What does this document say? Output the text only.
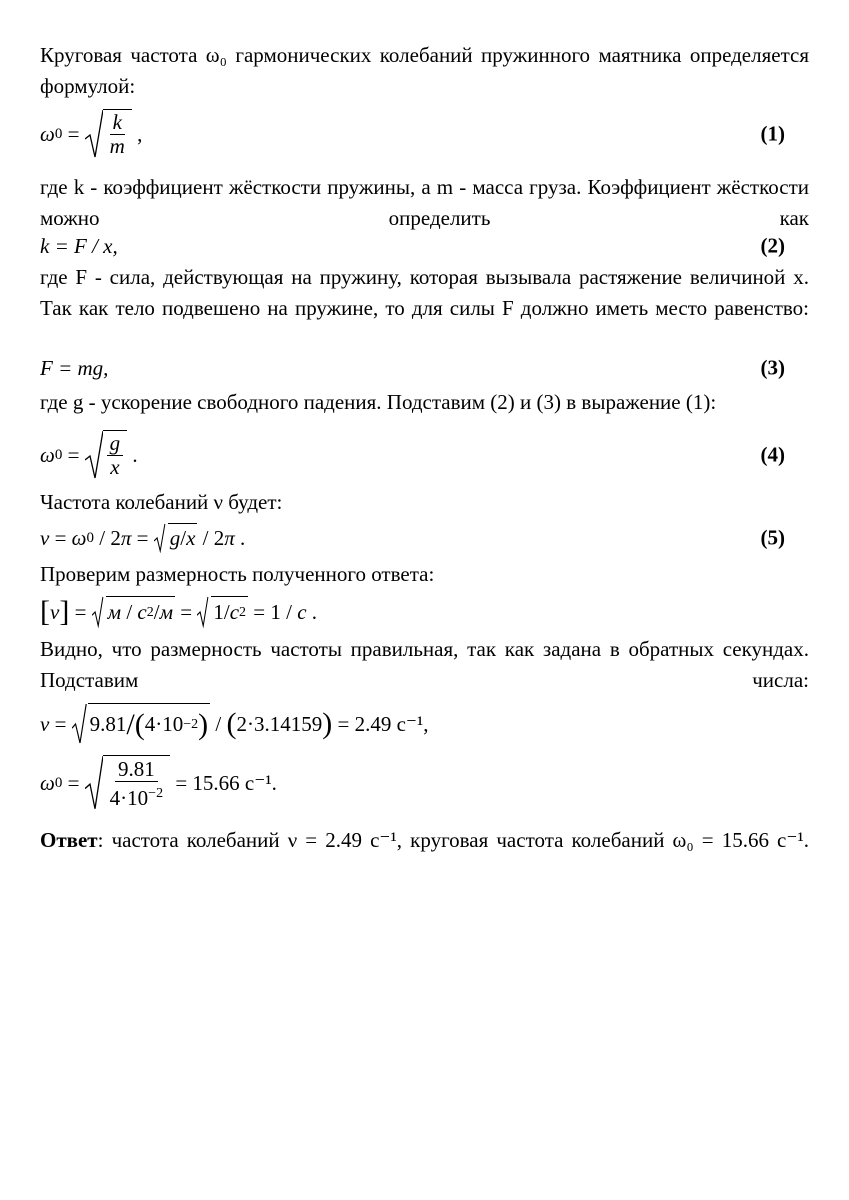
Круговая частота ω₀ гармонических колебаний пружинного маятника определяется формулой:

ω $0 = \frac{k}{m}$ ,	(1)

где k - коэффициент жёсткости пружины, а m - масса груза. Коэффициент жёсткости можно определить как

k = F / x,	(2)

где F - сила, действующая на пружину, которая вызывала растяжение величиной x. Так как тело подвешено на пружине, то для силы F должно иметь место равенство:

F = mg,	(3)

где g - ускорение свободного падения. Подставим (2) и (3) в выражение (1):

ω $0 = \frac{g}{x}$ .	(4)

Частота колебаний ν будет:

ν = ω 0 / 2 π = g / x / 2 π .	(5)

Проверим размерность полученного ответа:

[ ν ] = м / c 2 / м = 1/ c 2 = 1 / c .

Видно, что размерность частоты правильная, так как задана в обратных секундах. Подставим числа:

ν = 9.81 / ( 4·10 −2 ) / ( 2·3.14159 )
= 2.49 с⁻¹,
ω $0 = \frac{9.81}{4\cdot 10^{-2}}$
= 15.66 с⁻¹.

Ответ: частота колебаний ν = 2.49 с⁻¹, круговая частота колебаний ω₀ = 15.66 с⁻¹.
